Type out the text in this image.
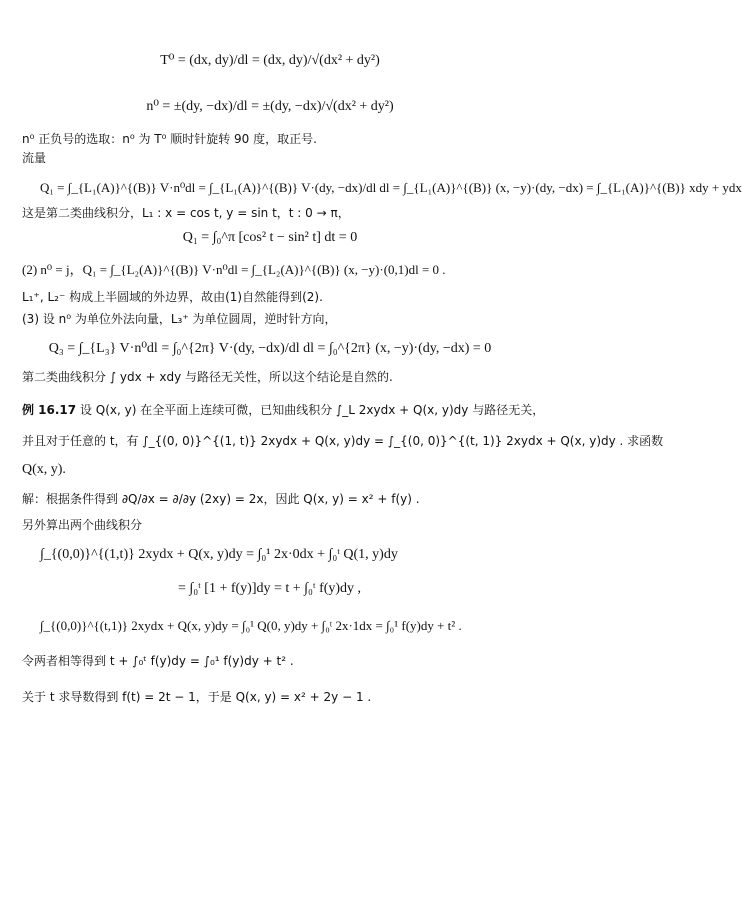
T⁰ = (dx, dy)/dl = (dx, dy)/√(dx² + dy²)
n⁰ = ±(dy, −dx)/dl = ±(dy, −dx)/√(dx² + dy²)
n⁰ 正负号的选取：n⁰ 为 T⁰ 顺时针旋转 90 度，取正号.
流量
Q₁ = ∫_{L₁(A)}^{(B)} V·n⁰dl = ∫_{L₁(A)}^{(B)} V·(dy, −dx)/dl dl = ∫_{L₁(A)}^{(B)} (x, −y)·(dy, −dx) = ∫_{L₁(A)}^{(B)} xdy + ydx
这是第二类曲线积分，L₁ : x = cos t, y = sin t，t : 0 → π，
Q₁ = ∫₀^π [cos² t − sin² t] dt = 0
(2) n⁰ = j，Q₁ = ∫_{L₂(A)}^{(B)} V·n⁰dl = ∫_{L₂(A)}^{(B)} (x, −y)·(0,1)dl = 0 .
L₁⁺, L₂⁻ 构成上半圆域的外边界，故由(1)自然能得到(2).
(3) 设 n⁰ 为单位外法向量，L₃⁺ 为单位圆周，逆时针方向，
Q₃ = ∫_{L₃} V·n⁰dl = ∫₀^{2π} V·(dy, −dx)/dl dl = ∫₀^{2π} (x, −y)·(dy, −dx) = 0
第二类曲线积分 ∫ ydx + xdy 与路径无关性，所以这个结论是自然的.
例 16.17 设 Q(x, y) 在全平面上连续可微，已知曲线积分 ∫_L 2xydx + Q(x, y)dy 与路径无关，
并且对于任意的 t，有 ∫_{(0, 0)}^{(1, t)} 2xydx + Q(x, y)dy = ∫_{(0, 0)}^{(t, 1)} 2xydx + Q(x, y)dy . 求函数
Q(x, y).
解：根据条件得到 ∂Q/∂x = ∂/∂y (2xy) = 2x，因此 Q(x, y) = x² + f(y) .
另外算出两个曲线积分
∫_{(0,0)}^{(1,t)} 2xydx + Q(x, y)dy = ∫₀¹ 2x·0dx + ∫₀ᵗ Q(1, y)dy
= ∫₀ᵗ [1 + f(y)]dy = t + ∫₀ᵗ f(y)dy ,
∫_{(0,0)}^{(t,1)} 2xydx + Q(x, y)dy = ∫₀¹ Q(0, y)dy + ∫₀ᵗ 2x·1dx = ∫₀¹ f(y)dy + t² .
令两者相等得到 t + ∫₀ᵗ f(y)dy = ∫₀¹ f(y)dy + t² .
关于 t 求导数得到 f(t) = 2t − 1，于是 Q(x, y) = x² + 2y − 1 .
